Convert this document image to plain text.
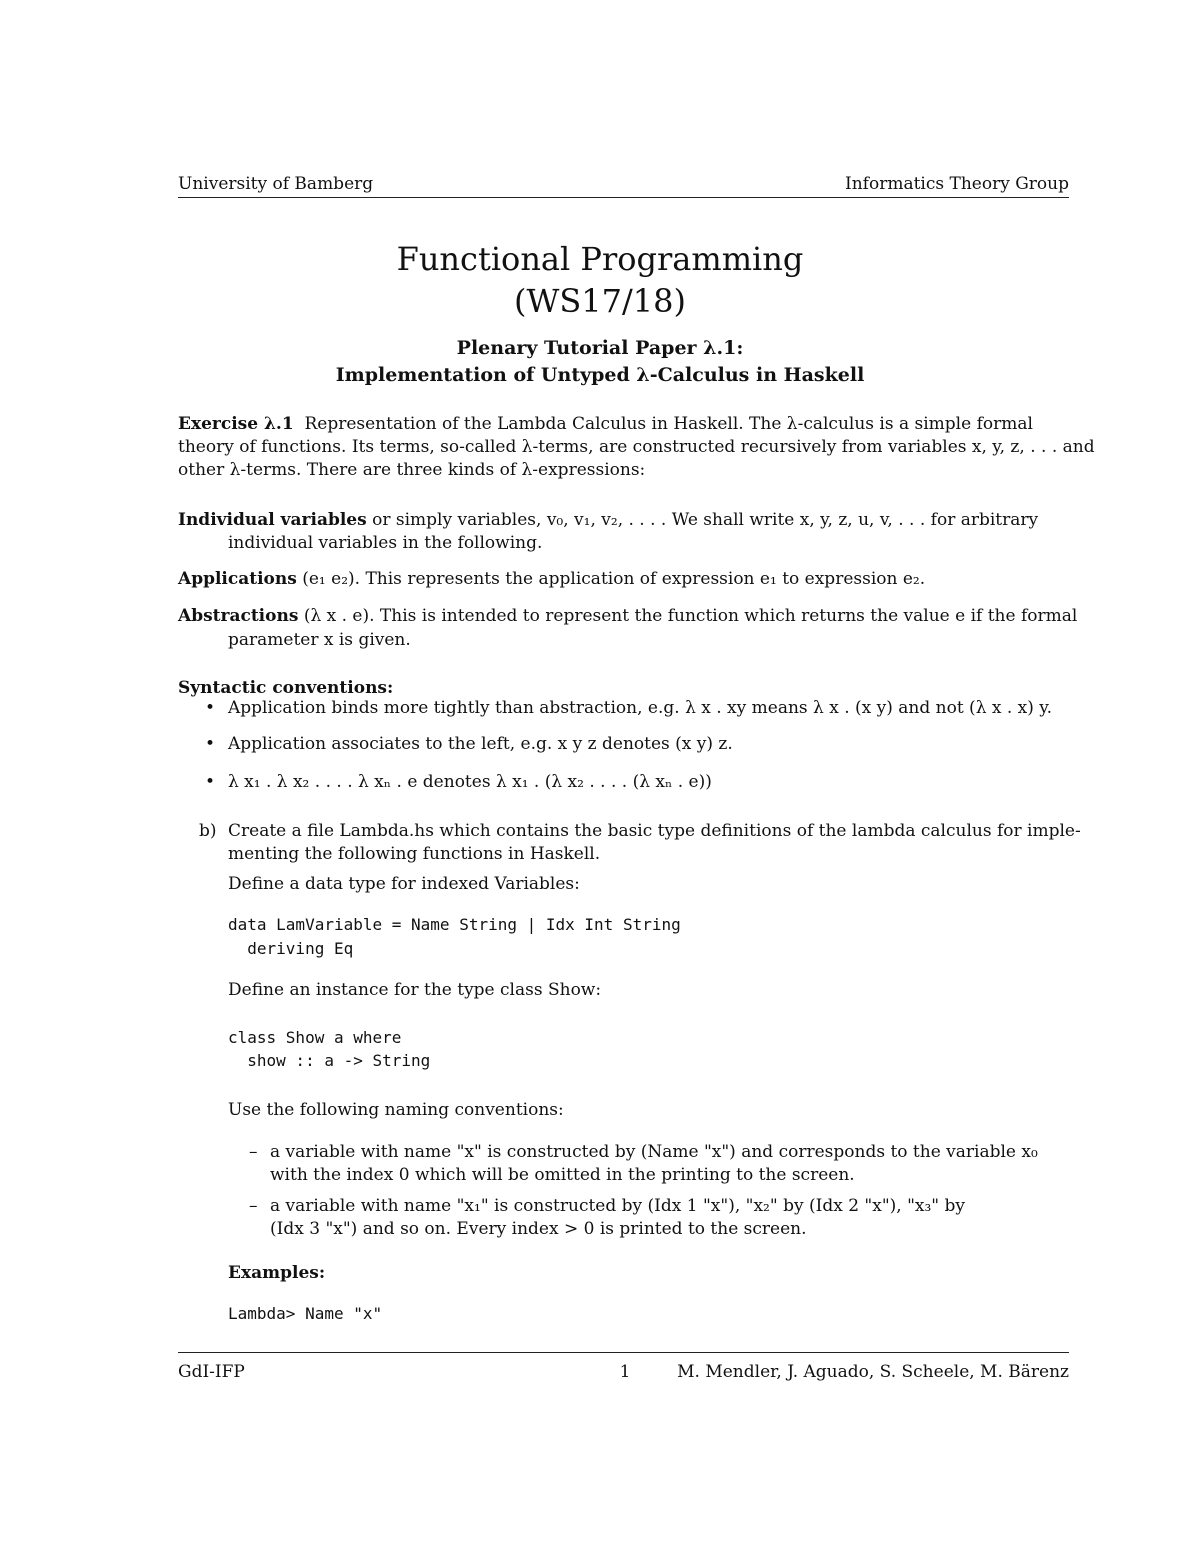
University of Bamberg	Informatics Theory Group
Functional Programming
(WS17/18)
Plenary Tutorial Paper λ.1:
Implementation of Untyped λ-Calculus in Haskell
Exercise λ.1 Representation of the Lambda Calculus in Haskell. The λ-calculus is a simple formal
theory of functions. Its terms, so-called λ-terms, are constructed recursively from variables x, y, z, . . . and
other λ-terms. There are three kinds of λ-expressions:
Individual variables or simply variables, v₀, v₁, v₂, . . . . We shall write x, y, z, u, v, . . . for arbitrary
individual variables in the following.
Applications (e₁ e₂). This represents the application of expression e₁ to expression e₂.
Abstractions (λ x . e). This is intended to represent the function which returns the value e if the formal
parameter x is given.
Syntactic conventions:
• Application binds more tightly than abstraction, e.g. λ x . xy means λ x . (x y) and not (λ x . x) y.
• Application associates to the left, e.g. x y z denotes (x y) z.
• λ x₁ . λ x₂ . . . . λ xₙ . e denotes λ x₁ . (λ x₂ . . . . (λ xₙ . e))
b) Create a file Lambda.hs which contains the basic type definitions of the lambda calculus for imple-
menting the following functions in Haskell.
Define a data type for indexed Variables:
data LamVariable = Name String | Idx Int String
deriving Eq
Define an instance for the type class Show:
class Show a where
show :: a -> String
Use the following naming conventions:
– a variable with name "x" is constructed by (Name "x") and corresponds to the variable x₀
with the index 0 which will be omitted in the printing to the screen.
– a variable with name "x₁" is constructed by (Idx 1 "x"), "x₂" by (Idx 2 "x"), "x₃" by
(Idx 3 "x") and so on. Every index > 0 is printed to the screen.
Examples:
Lambda> Name "x"
GdI-IFP	1	M. Mendler, J. Aguado, S. Scheele, M. Bärenz
